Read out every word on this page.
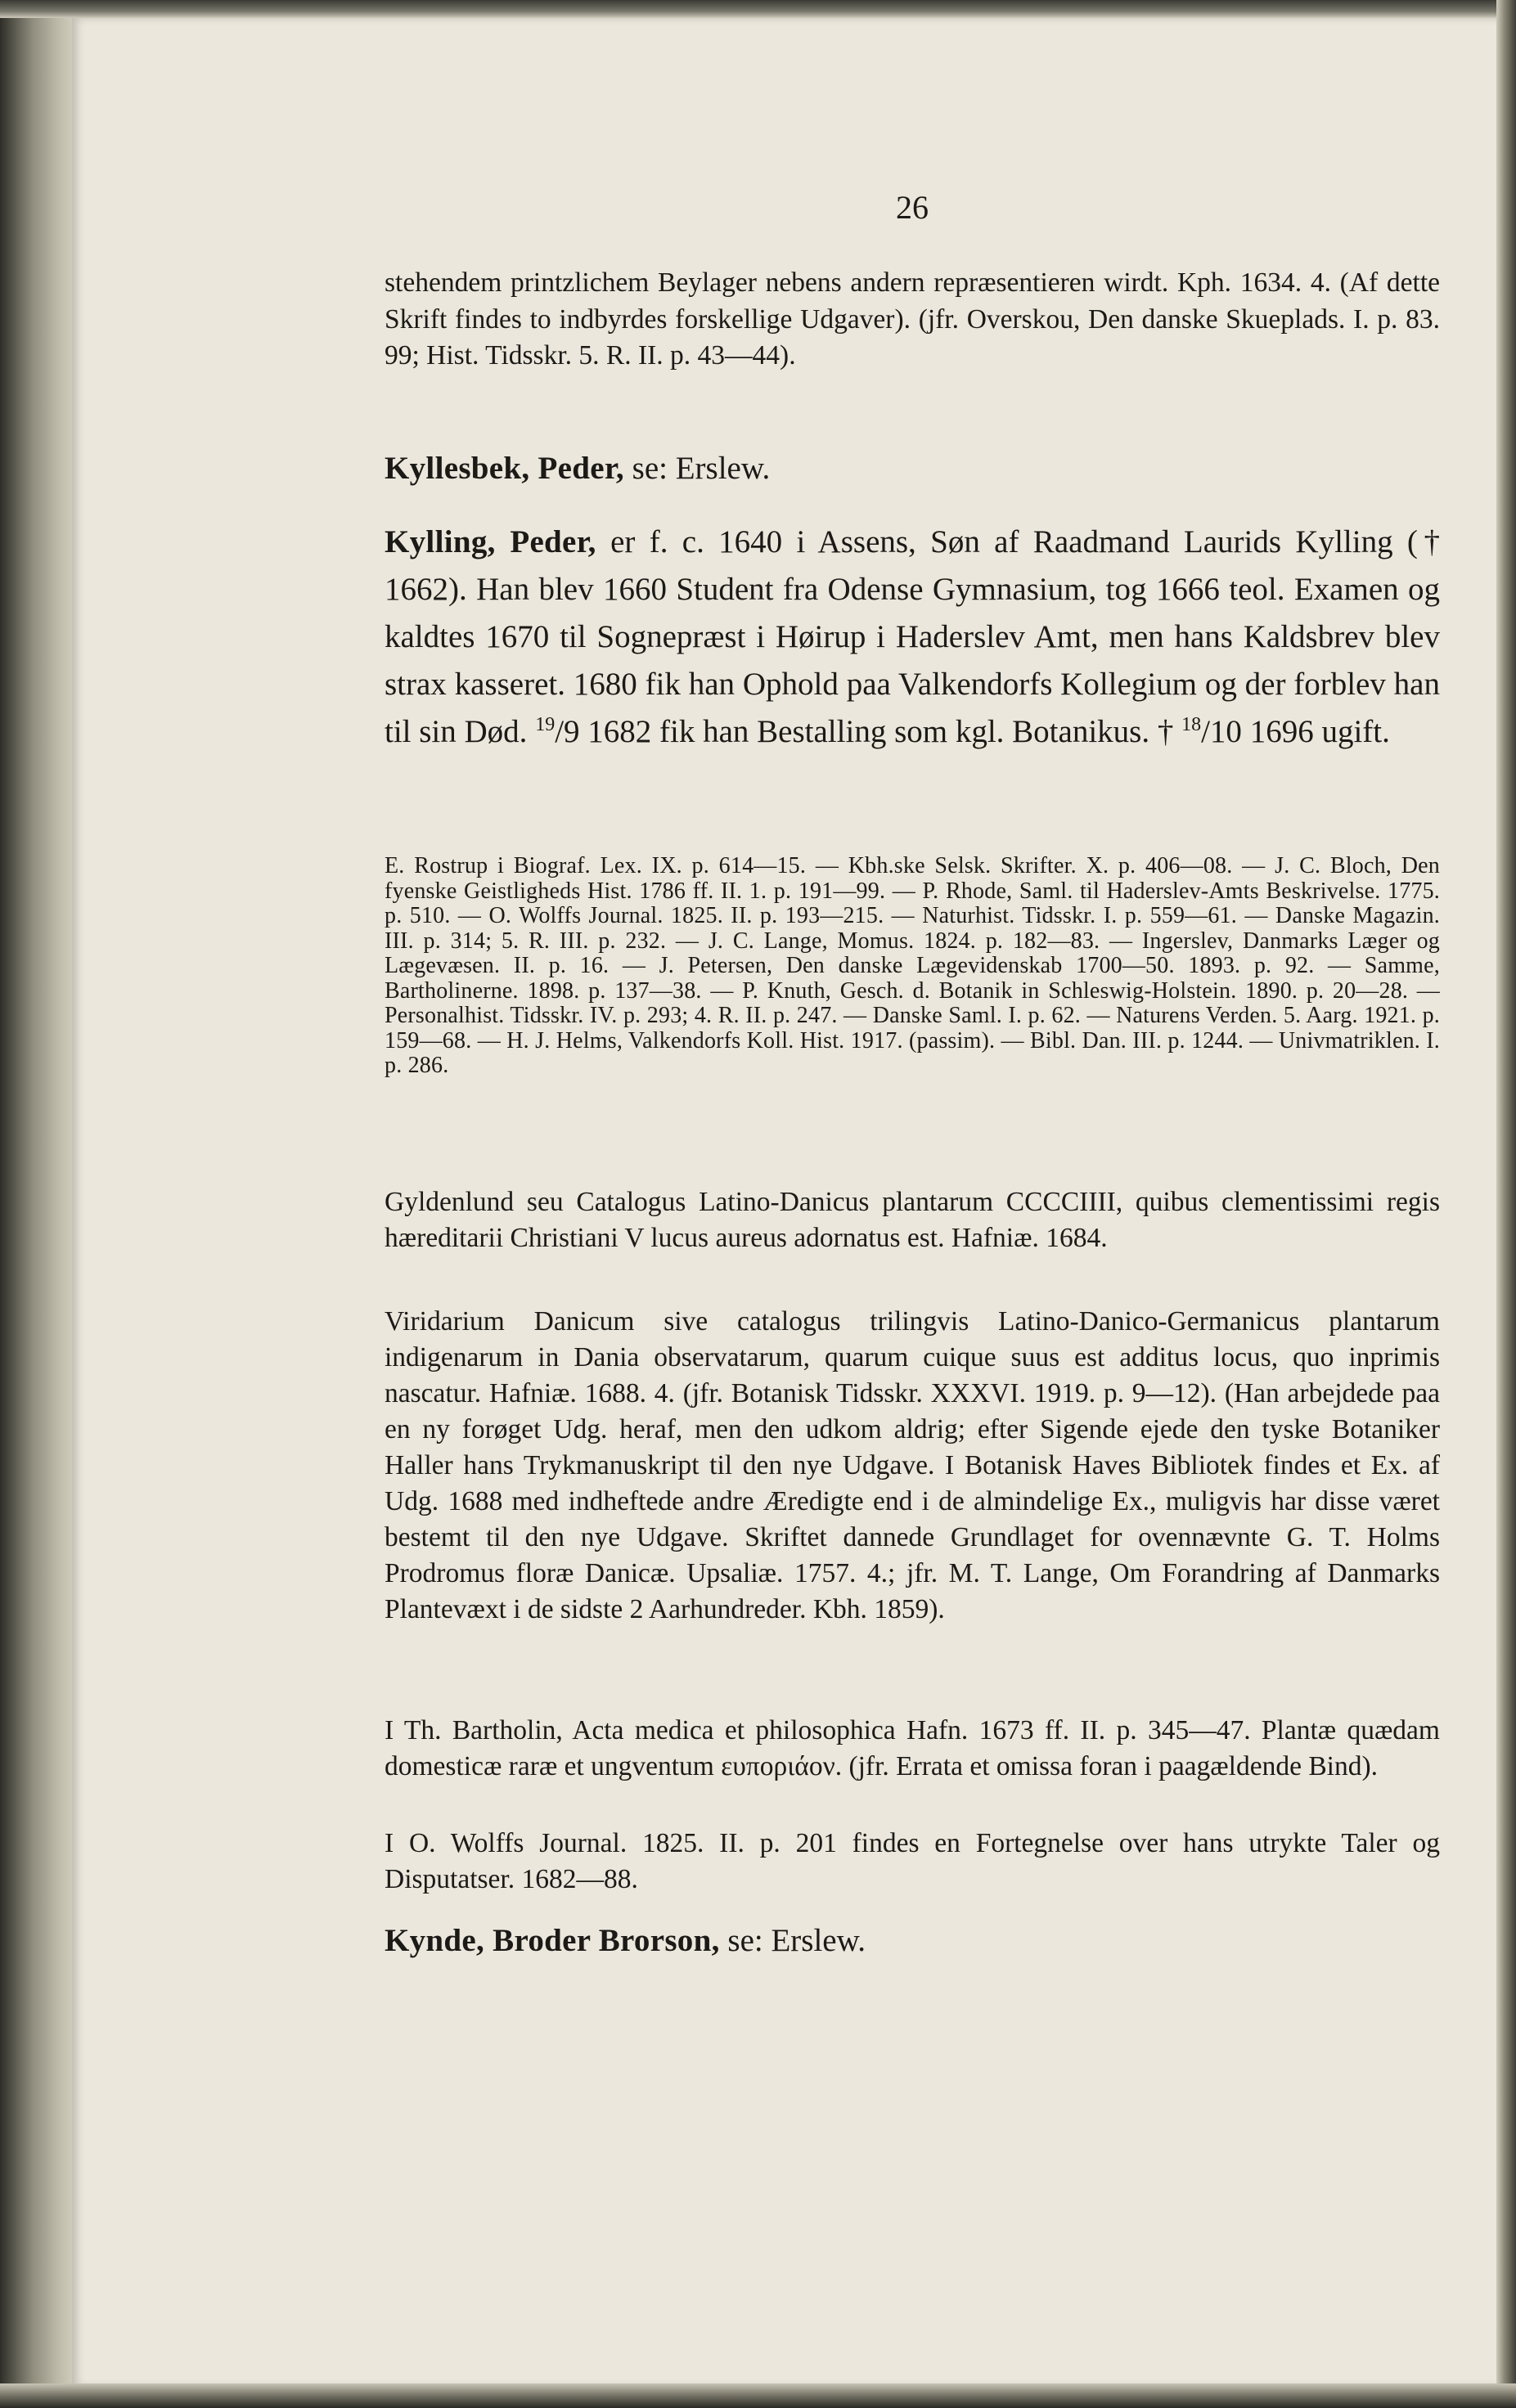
26

stehendem printzlichem Beylager nebens andern repræsentieren wirdt. Kph. 1634. 4. (Af dette Skrift findes to indbyrdes forskellige Udgaver). (jfr. Overskou, Den danske Skueplads. I. p. 83. 99; Hist. Tidsskr. 5. R. II. p. 43—44).

Kyllesbek, Peder, se: Erslew.

Kylling, Peder, er f. c. 1640 i Assens, Søn af Raadmand Laurids Kylling († 1662). Han blev 1660 Student fra Odense Gymnasium, tog 1666 teol. Examen og kaldtes 1670 til Sognepræst i Høirup i Haderslev Amt, men hans Kaldsbrev blev strax kasseret. 1680 fik han Ophold paa Valkendorfs Kollegium og der forblev han til sin Død. $^{19}$/9 1682 fik han Bestalling som kgl. Botanikus. † $^{18}$/10 1696 ugift.

E. Rostrup i Biograf. Lex. IX. p. 614—15. — Kbh.ske Selsk. Skrifter. X. p. 406—08. — J. C. Bloch, Den fyenske Geistligheds Hist. 1786 ff. II. 1. p. 191—99. — P. Rhode, Saml. til Haderslev-Amts Beskrivelse. 1775. p. 510. — O. Wolffs Journal. 1825. II. p. 193—215. — Naturhist. Tidsskr. I. p. 559—61. — Danske Magazin. III. p. 314; 5. R. III. p. 232. — J. C. Lange, Momus. 1824. p. 182—83. — Ingerslev, Danmarks Læger og Lægevæsen. II. p. 16. — J. Petersen, Den danske Lægevidenskab 1700—50. 1893. p. 92. — Samme, Bartholinerne. 1898. p. 137—38. — P. Knuth, Gesch. d. Botanik in Schleswig-Holstein. 1890. p. 20—28. — Personalhist. Tidsskr. IV. p. 293; 4. R. II. p. 247. — Danske Saml. I. p. 62. — Naturens Verden. 5. Aarg. 1921. p. 159—68. — H. J. Helms, Valkendorfs Koll. Hist. 1917. (passim). — Bibl. Dan. III. p. 1244. — Univmatriklen. I. p. 286.

Gyldenlund seu Catalogus Latino-Danicus plantarum CCCCIIII, quibus clementissimi regis hæreditarii Christiani V lucus aureus adornatus est. Hafniæ. 1684.

Viridarium Danicum sive catalogus trilingvis Latino-Danico-Germanicus plantarum indigenarum in Dania observatarum, quarum cuique suus est additus locus, quo inprimis nascatur. Hafniæ. 1688. 4. (jfr. Botanisk Tidsskr. XXXVI. 1919. p. 9—12). (Han arbejdede paa en ny forøget Udg. heraf, men den udkom aldrig; efter Sigende ejede den tyske Botaniker Haller hans Trykmanuskript til den nye Udgave. I Botanisk Haves Bibliotek findes et Ex. af Udg. 1688 med indheftede andre Æredigte end i de almindelige Ex., muligvis har disse været bestemt til den nye Udgave. Skriftet dannede Grundlaget for ovennævnte G. T. Holms Prodromus floræ Danicæ. Upsaliæ. 1757. 4.; jfr. M. T. Lange, Om Forandring af Danmarks Plantevæxt i de sidste 2 Aarhundreder. Kbh. 1859).

I Th. Bartholin, Acta medica et philosophica Hafn. 1673 ff. II. p. 345—47. Plantæ quædam domesticæ raræ et ungventum ευποριάον. (jfr. Errata et omissa foran i paagældende Bind).

I O. Wolffs Journal. 1825. II. p. 201 findes en Fortegnelse over hans utrykte Taler og Disputatser. 1682—88.

Kynde, Broder Brorson, se: Erslew.
